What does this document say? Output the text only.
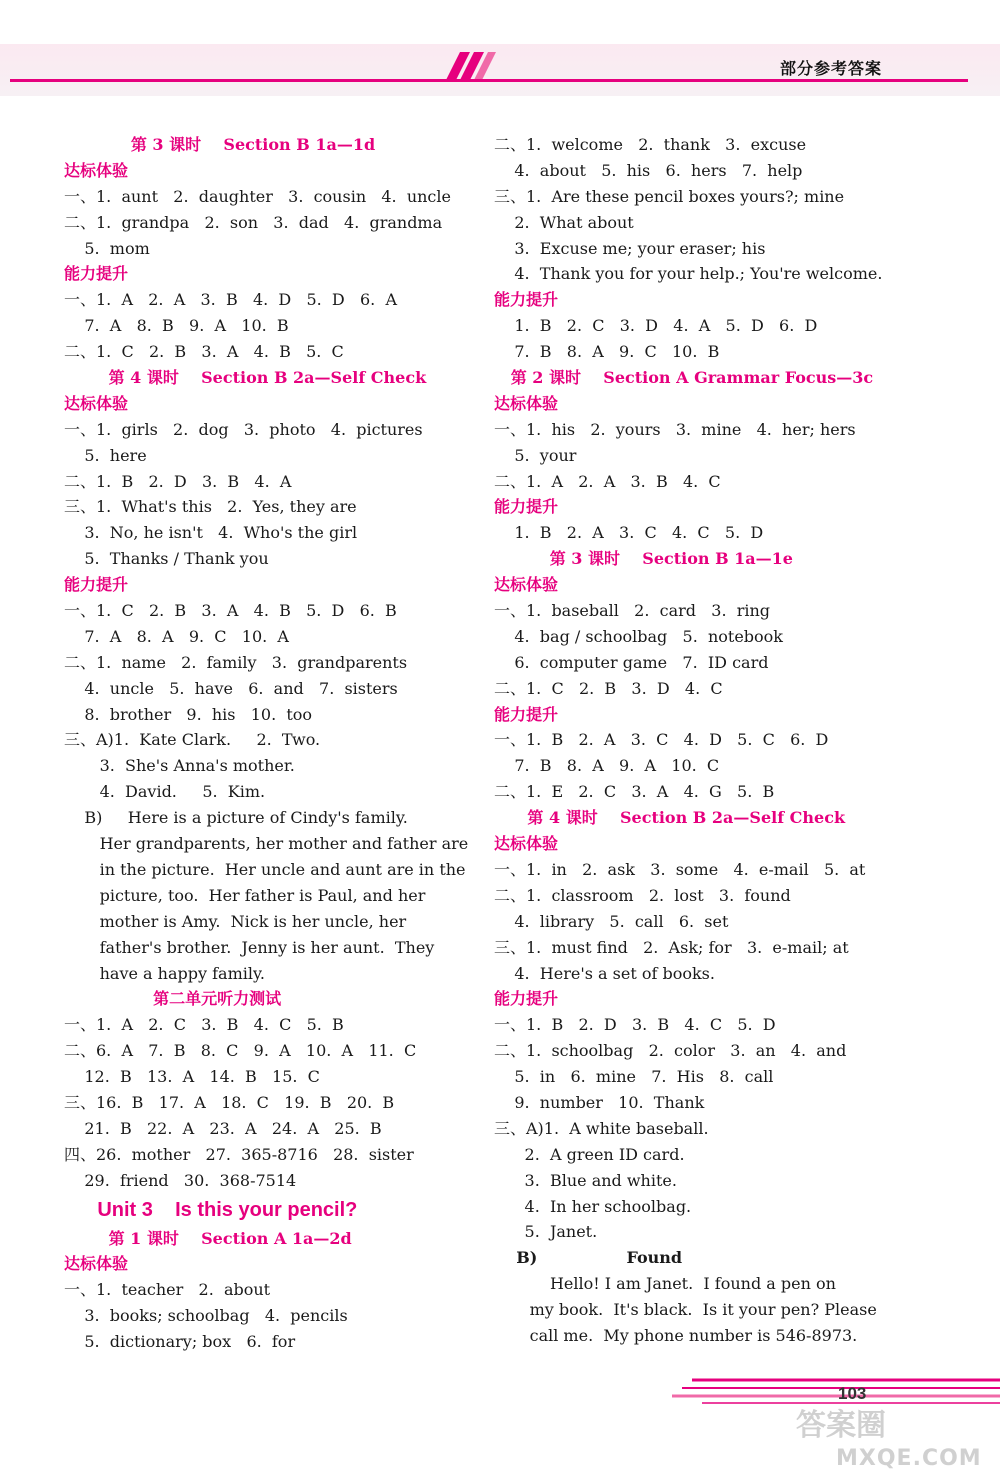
部分参考答案
第 3 课时    Section B 1a—1d
达标体验
一、1.  aunt   2.  daughter   3.  cousin   4.  uncle
二、1.  grandpa   2.  son   3.  dad   4.  grandma
5.  mom
能力提升
一、1.  A   2.  A   3.  B   4.  D   5.  D   6.  A
7.  A   8.  B   9.  A   10.  B
二、1.  C   2.  B   3.  A   4.  B   5.  C
第 4 课时    Section B 2a—Self Check
达标体验
一、1.  girls   2.  dog   3.  photo   4.  pictures
5.  here
二、1.  B   2.  D   3.  B   4.  A
三、1.  What's this   2.  Yes, they are
3.  No, he isn't   4.  Who's the girl
5.  Thanks / Thank you
能力提升
一、1.  C   2.  B   3.  A   4.  B   5.  D   6.  B
7.  A   8.  A   9.  C   10.  A
二、1.  name   2.  family   3.  grandparents
4.  uncle   5.  have   6.  and   7.  sisters
8.  brother   9.  his   10.  too
三、A)1.  Kate Clark.     2.  Two.
3.  She's Anna's mother.
4.  David.     5.  Kim.
B)     Here is a picture of Cindy's family.
Her grandparents, her mother and father are
in the picture.  Her uncle and aunt are in the
picture, too.  Her father is Paul, and her
mother is Amy.  Nick is her uncle, her
father's brother.  Jenny is her aunt.  They
have a happy family.
第二单元听力测试
一、1.  A   2.  C   3.  B   4.  C   5.  B
二、6.  A   7.  B   8.  C   9.  A   10.  A   11.  C
12.  B   13.  A   14.  B   15.  C
三、16.  B   17.  A   18.  C   19.  B   20.  B
21.  B   22.  A   23.  A   24.  A   25.  B
四、26.  mother   27.  365-8716   28.  sister
29.  friend   30.  368-7514
Unit 3    Is this your pencil?
第 1 课时    Section A 1a—2d
达标体验
一、1.  teacher   2.  about
3.  books; schoolbag   4.  pencils
5.  dictionary; box   6.  for
二、1.  welcome   2.  thank   3.  excuse
4.  about   5.  his   6.  hers   7.  help
三、1.  Are these pencil boxes yours?; mine
2.  What about
3.  Excuse me; your eraser; his
4.  Thank you for your help.; You're welcome.
能力提升
1.  B   2.  C   3.  D   4.  A   5.  D   6.  D
7.  B   8.  A   9.  C   10.  B
第 2 课时    Section A Grammar Focus—3c
达标体验
一、1.  his   2.  yours   3.  mine   4.  her; hers
5.  your
二、1.  A   2.  A   3.  B   4.  C
能力提升
1.  B   2.  A   3.  C   4.  C   5.  D
第 3 课时    Section B 1a—1e
达标体验
一、1.  baseball   2.  card   3.  ring
4.  bag / schoolbag   5.  notebook
6.  computer game   7.  ID card
二、1.  C   2.  B   3.  D   4.  C
能力提升
一、1.  B   2.  A   3.  C   4.  D   5.  C   6.  D
7.  B   8.  A   9.  A   10.  C
二、1.  E   2.  C   3.  A   4.  G   5.  B
第 4 课时    Section B 2a—Self Check
达标体验
一、1.  in   2.  ask   3.  some   4.  e-mail   5.  at
二、1.  classroom   2.  lost   3.  found
4.  library   5.  call   6.  set
三、1.  must find   2.  Ask; for   3.  e-mail; at
4.  Here's a set of books.
能力提升
一、1.  B   2.  D   3.  B   4.  C   5.  D
二、1.  schoolbag   2.  color   3.  an   4.  and
5.  in   6.  mine   7.  His   8.  call
9.  number   10.  Thank
三、A)1.  A white baseball.
2.  A green ID card.
3.  Blue and white.
4.  In her schoolbag.
5.  Janet.
B)                Found
Hello! I am Janet.  I found a pen on
my book.  It's black.  Is it your pen? Please
call me.  My phone number is 546-8973.
103
答案圈
MXQE.COM
